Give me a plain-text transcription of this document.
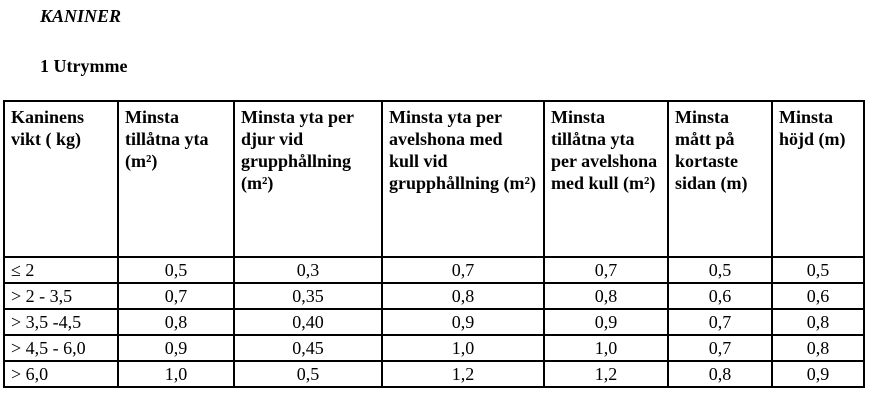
KANINER
1 Utrymme
Kaninens vikt ( kg)	Minsta tillåtna yta (m²)	Minsta yta per djur vid grupphållning (m²)	Minsta yta per avelshona med kull vid grupphållning (m²)	Minsta tillåtna yta per avelshona med kull (m²)	Minsta mått på kortaste sidan (m)	Minsta höjd (m)
≤ 2	0,5	0,3	0,7	0,7	0,5	0,5
> 2 - 3,5	0,7	0,35	0,8	0,8	0,6	0,6
> 3,5 -4,5	0,8	0,40	0,9	0,9	0,7	0,8
> 4,5 - 6,0	0,9	0,45	1,0	1,0	0,7	0,8
> 6,0	1,0	0,5	1,2	1,2	0,8	0,9
